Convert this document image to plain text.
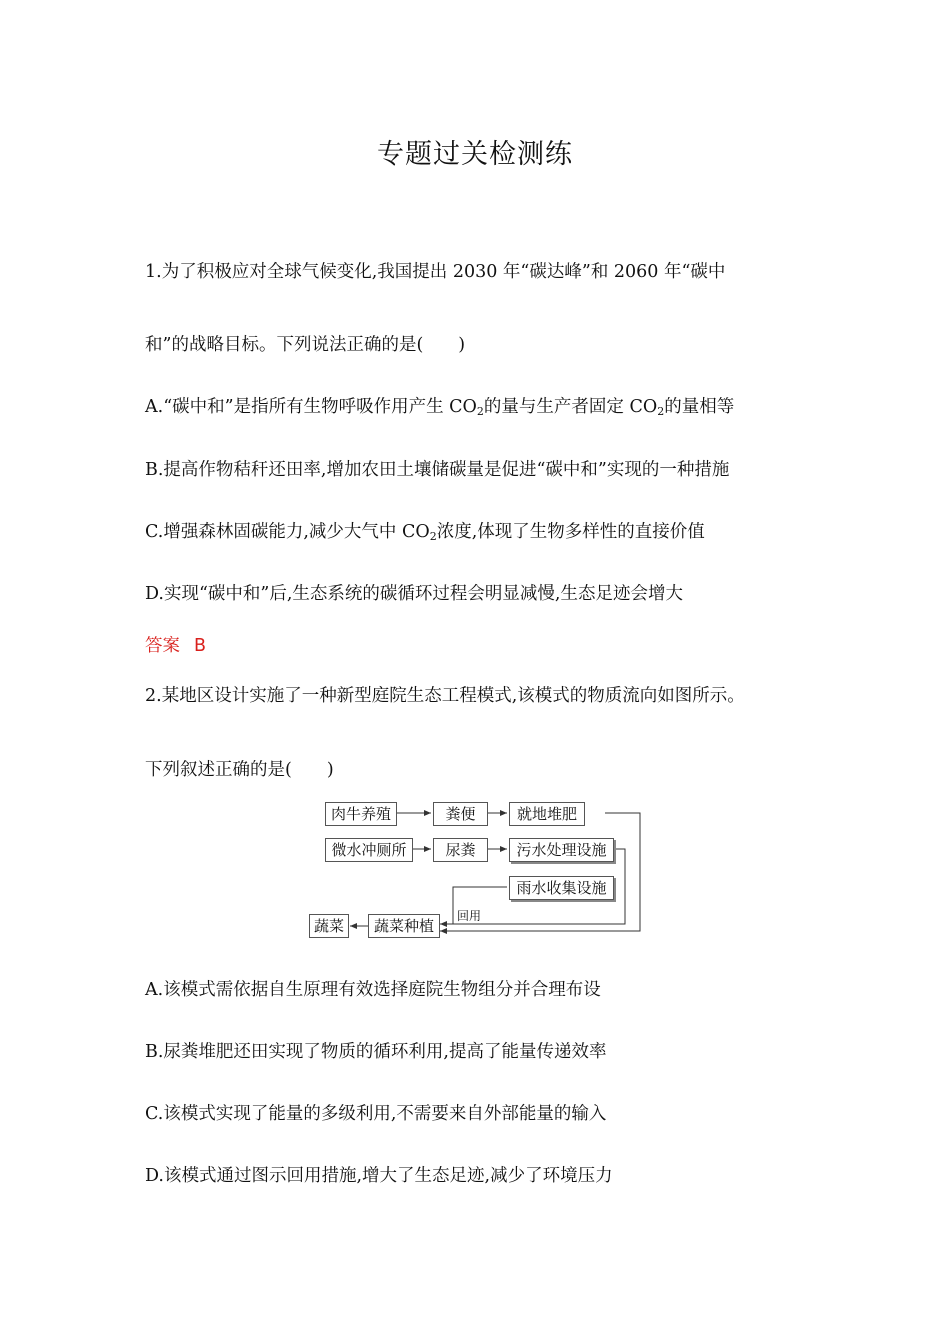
专题过关检测练
1.为了积极应对全球气候变化,我国提出 2030 年“碳达峰”和 2060 年“碳中
和”的战略目标。下列说法正确的是(　　)
A.“碳中和”是指所有生物呼吸作用产生 $CO_2$的量与生产者固定 $CO_2$的量相等
B.提高作物秸秆还田率,增加农田土壤储碳量是促进“碳中和”实现的一种措施
C.增强森林固碳能力,减少大气中 $CO_2$浓度,体现了生物多样性的直接价值
D.实现“碳中和”后,生态系统的碳循环过程会明显减慢,生态足迹会增大
答案 B
2.某地区设计实施了一种新型庭院生态工程模式,该模式的物质流向如图所示。
下列叙述正确的是(　　)
肉牛养殖	粪便	就地堆肥
微水冲厕所	尿粪	污水处理设施
雨水收集设施
蔬菜种植
蔬菜
回用
A.该模式需依据自生原理有效选择庭院生物组分并合理布设
B.尿粪堆肥还田实现了物质的循环利用,提高了能量传递效率
C.该模式实现了能量的多级利用,不需要来自外部能量的输入
D.该模式通过图示回用措施,增大了生态足迹,减少了环境压力
